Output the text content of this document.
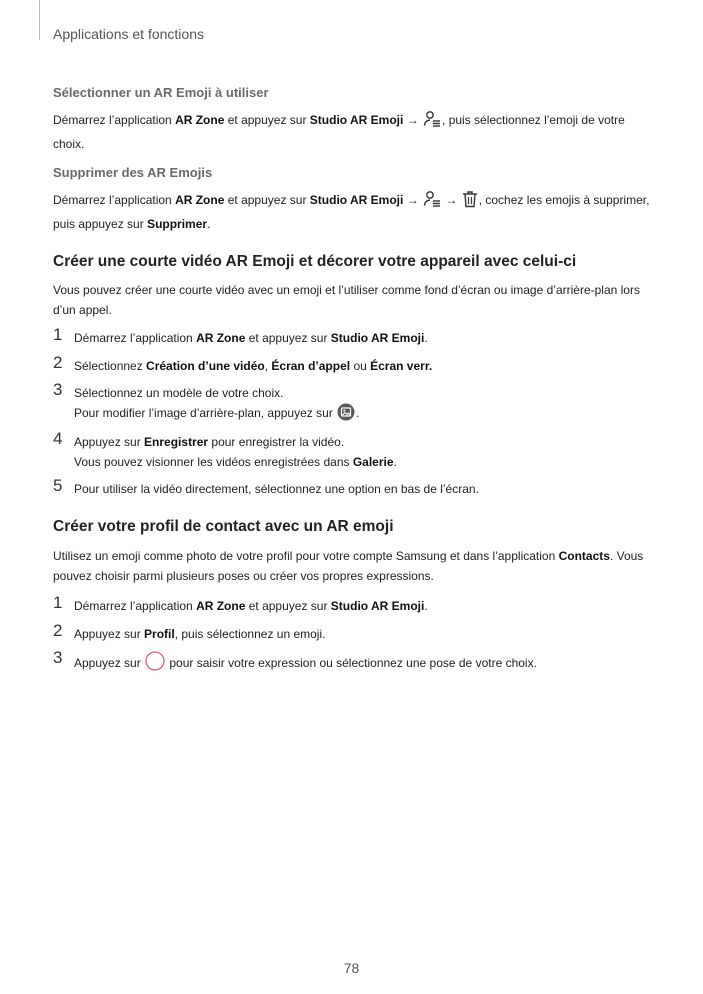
Applications et fonctions
Sélectionner un AR Emoji à utiliser
Démarrez l’application AR Zone et appuyez sur Studio AR Emoji → , puis sélectionnez l’emoji de votre choix.
Supprimer des AR Emojis
Démarrez l’application AR Zone et appuyez sur Studio AR Emoji →  → , cochez les emojis à supprimer, puis appuyez sur Supprimer.
Créer une courte vidéo AR Emoji et décorer votre appareil avec celui-ci
Vous pouvez créer une courte vidéo avec un emoji et l’utiliser comme fond d’écran ou image d’arrière-plan lors d’un appel.
1 Démarrez l’application AR Zone et appuyez sur Studio AR Emoji.
2 Sélectionnez Création d’une vidéo, Écran d’appel ou Écran verr.
3 Sélectionnez un modèle de votre choix.
Pour modifier l’image d’arrière-plan, appuyez sur .
4 Appuyez sur Enregistrer pour enregistrer la vidéo.
Vous pouvez visionner les vidéos enregistrées dans Galerie.
5 Pour utiliser la vidéo directement, sélectionnez une option en bas de l’écran.
Créer votre profil de contact avec un AR emoji
Utilisez un emoji comme photo de votre profil pour votre compte Samsung et dans l’application Contacts. Vous pouvez choisir parmi plusieurs poses ou créer vos propres expressions.
1 Démarrez l’application AR Zone et appuyez sur Studio AR Emoji.
2 Appuyez sur Profil, puis sélectionnez un emoji.
3 Appuyez sur  pour saisir votre expression ou sélectionnez une pose de votre choix.
78
